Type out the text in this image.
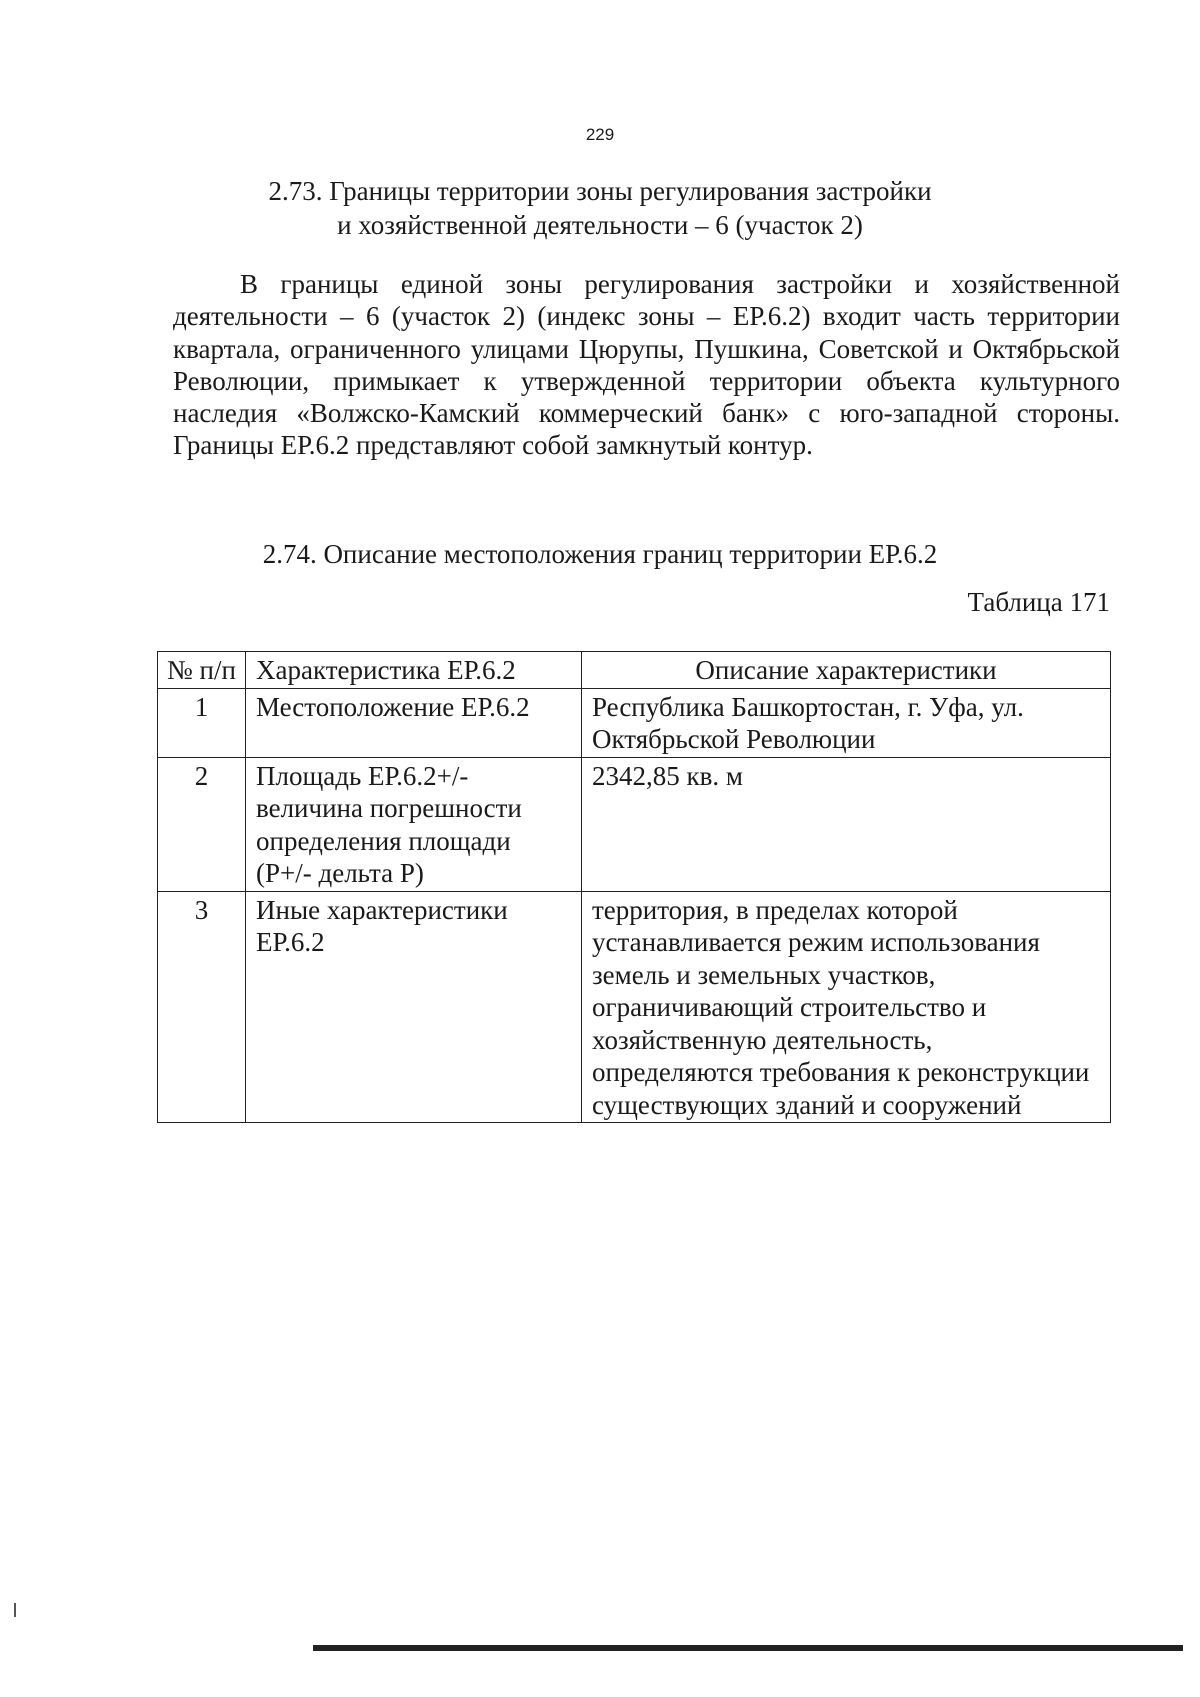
229
2.73. Границы территории зоны регулирования застройки
и хозяйственной деятельности – 6 (участок 2)
В границы единой зоны регулирования застройки и хозяйственной деятельности – 6 (участок 2) (индекс зоны – ЕР.6.2) входит часть территории квартала, ограниченного улицами Цюрупы, Пушкина, Советской и Октябрьской Революции, примыкает к утвержденной территории объекта культурного наследия «Волжско-Камский коммерческий банк» с юго-западной стороны. Границы ЕР.6.2 представляют собой замкнутый контур.
2.74. Описание местоположения границ территории ЕР.6.2
Таблица 171
№ п/п	Характеристика ЕР.6.2	Описание характеристики
1	Местоположение ЕР.6.2	Республика Башкортостан, г. Уфа, ул. Октябрьской Революции
2	Площадь ЕР.6.2+/- величина погрешности определения площади (Р+/- дельта Р)	2342,85 кв. м
3	Иные характеристики ЕР.6.2	территория, в пределах которой устанавливается режим использования земель и земельных участков, ограничивающий строительство и хозяйственную деятельность, определяются требования к реконструкции существующих зданий и сооружений
